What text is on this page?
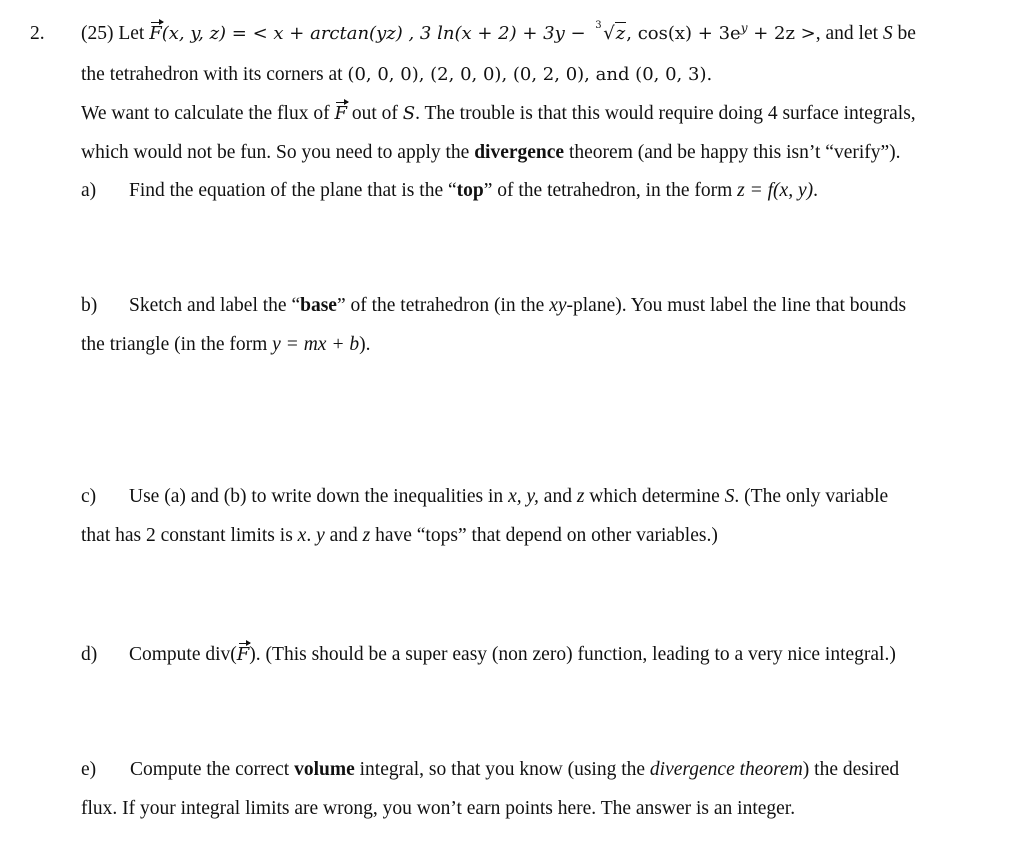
2. (25) Let F(x, y, z) = < x + arctan(yz) , 3 ln(x + 2) + 3y − 3 √z, $\cos(x) + 3e^y + 2z$ >, and let S be
the tetrahedron with its corners at (0, 0, 0), (2, 0, 0), (0, 2, 0), and (0, 0, 3).
We want to calculate the flux of F out of S. The trouble is that this would require doing 4 surface integrals,
which would not be fun. So you need to apply the divergence theorem (and be happy this isn’t “verify”).
a) Find the equation of the plane that is the “top” of the tetrahedron, in the form z = f(x, y).
b) Sketch and label the “base” of the tetrahedron (in the xy-plane). You must label the line that bounds
the triangle (in the form y = mx + b).
c) Use (a) and (b) to write down the inequalities in x, y, and z which determine S. (The only variable
that has 2 constant limits is x. y and z have “tops” that depend on other variables.)
d) Compute div(F). (This should be a super easy (non zero) function, leading to a very nice integral.)
e) Compute the correct volume integral, so that you know (using the divergence theorem) the desired
flux. If your integral limits are wrong, you won’t earn points here. The answer is an integer.
